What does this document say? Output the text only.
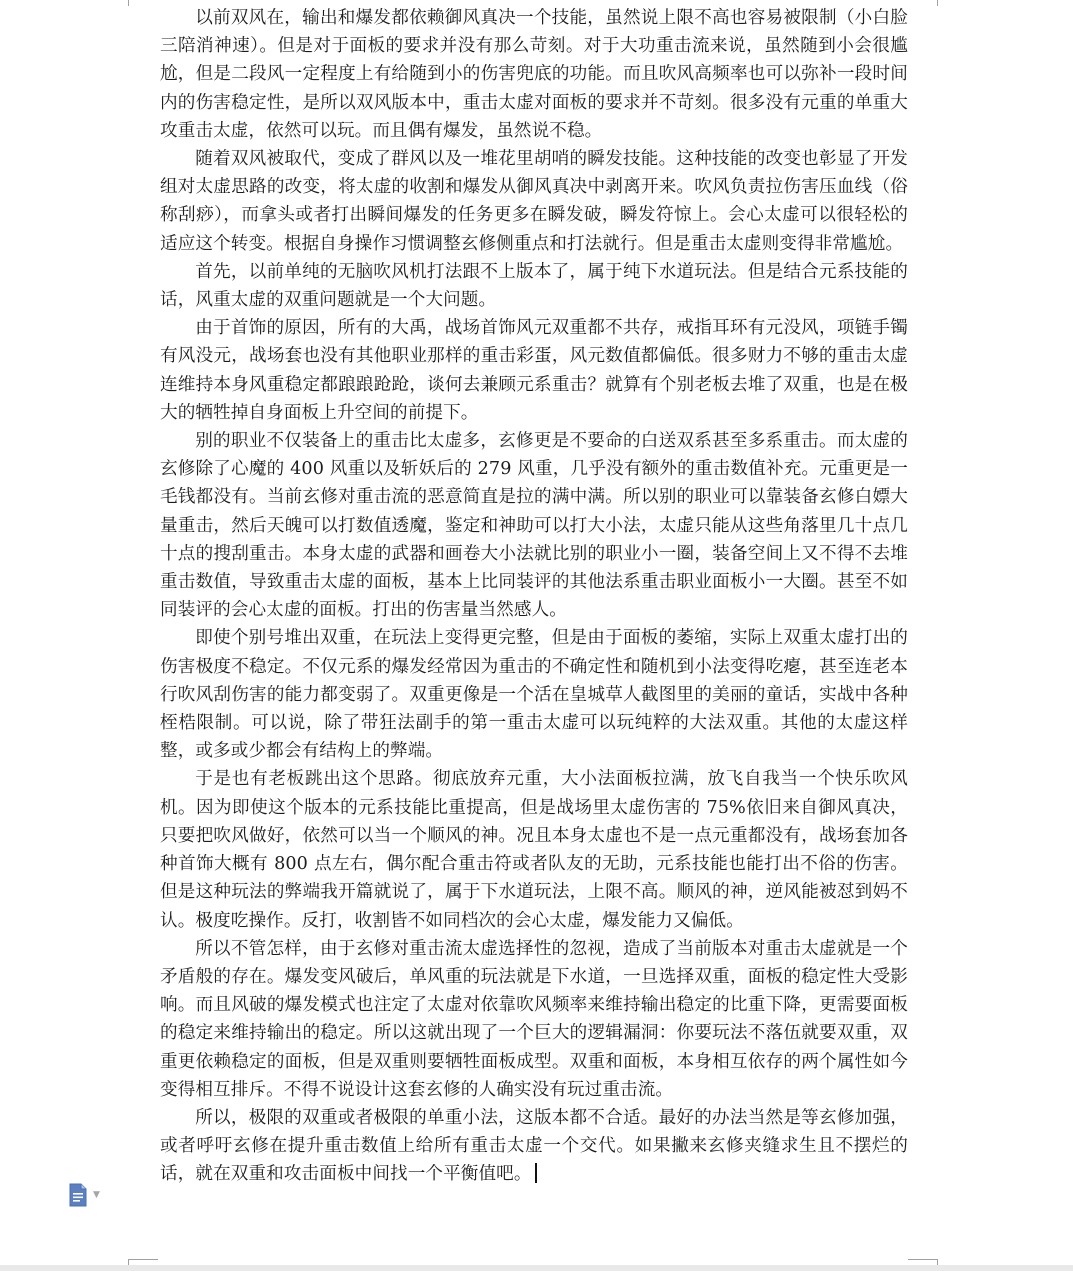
以前双风在，输出和爆发都依赖御风真决一个技能，虽然说上限不高也容易被限制（小白脸三陪消神速）。但是对于面板的要求并没有那么苛刻。对于大功重击流来说，虽然随到小会很尴尬，但是二段风一定程度上有给随到小的伤害兜底的功能。而且吹风高频率也可以弥补一段时间内的伤害稳定性，是所以双风版本中，重击太虚对面板的要求并不苛刻。很多没有元重的单重大攻重击太虚，依然可以玩。而且偶有爆发，虽然说不稳。

随着双风被取代，变成了群风以及一堆花里胡哨的瞬发技能。这种技能的改变也彰显了开发组对太虚思路的改变，将太虚的收割和爆发从御风真决中剥离开来。吹风负责拉伤害压血线（俗称刮痧），而拿头或者打出瞬间爆发的任务更多在瞬发破，瞬发符惊上。会心太虚可以很轻松的适应这个转变。根据自身操作习惯调整玄修侧重点和打法就行。但是重击太虚则变得非常尴尬。

首先，以前单纯的无脑吹风机打法跟不上版本了，属于纯下水道玩法。但是结合元系技能的话，风重太虚的双重问题就是一个大问题。

由于首饰的原因，所有的大禹，战场首饰风元双重都不共存，戒指耳环有元没风，项链手镯有风没元，战场套也没有其他职业那样的重击彩蛋，风元数值都偏低。很多财力不够的重击太虚连维持本身风重稳定都踉踉跄跄，谈何去兼顾元系重击？就算有个别老板去堆了双重，也是在极大的牺牲掉自身面板上升空间的前提下。

别的职业不仅装备上的重击比太虚多，玄修更是不要命的白送双系甚至多系重击。而太虚的玄修除了心魔的 400 风重以及斩妖后的 279 风重，几乎没有额外的重击数值补充。元重更是一毛钱都没有。当前玄修对重击流的恶意简直是拉的满中满。所以别的职业可以靠装备玄修白嫖大量重击，然后天魄可以打数值透魔，鉴定和神助可以打大小法，太虚只能从这些角落里几十点几十点的搜刮重击。本身太虚的武器和画卷大小法就比别的职业小一圈，装备空间上又不得不去堆重击数值，导致重击太虚的面板，基本上比同装评的其他法系重击职业面板小一大圈。甚至不如同装评的会心太虚的面板。打出的伤害量当然感人。

即使个别号堆出双重，在玩法上变得更完整，但是由于面板的萎缩，实际上双重太虚打出的伤害极度不稳定。不仅元系的爆发经常因为重击的不确定性和随机到小法变得吃瘪，甚至连老本行吹风刮伤害的能力都变弱了。双重更像是一个活在皇城草人截图里的美丽的童话，实战中各种桎梏限制。可以说，除了带狂法副手的第一重击太虚可以玩纯粹的大法双重。其他的太虚这样整，或多或少都会有结构上的弊端。

于是也有老板跳出这个思路。彻底放弃元重，大小法面板拉满，放飞自我当一个快乐吹风机。因为即使这个版本的元系技能比重提高，但是战场里太虚伤害的 75%依旧来自御风真决，只要把吹风做好，依然可以当一个顺风的神。况且本身太虚也不是一点元重都没有，战场套加各种首饰大概有 800 点左右，偶尔配合重击符或者队友的无助，元系技能也能打出不俗的伤害。但是这种玩法的弊端我开篇就说了，属于下水道玩法，上限不高。顺风的神，逆风能被怼到妈不认。极度吃操作。反打，收割皆不如同档次的会心太虚，爆发能力又偏低。

所以不管怎样，由于玄修对重击流太虚选择性的忽视，造成了当前版本对重击太虚就是一个矛盾般的存在。爆发变风破后，单风重的玩法就是下水道，一旦选择双重，面板的稳定性大受影响。而且风破的爆发模式也注定了太虚对依靠吹风频率来维持输出稳定的比重下降，更需要面板的稳定来维持输出的稳定。所以这就出现了一个巨大的逻辑漏洞：你要玩法不落伍就要双重，双重更依赖稳定的面板，但是双重则要牺牲面板成型。双重和面板，本身相互依存的两个属性如今变得相互排斥。不得不说设计这套玄修的人确实没有玩过重击流。

所以，极限的双重或者极限的单重小法，这版本都不合适。最好的办法当然是等玄修加强，或者呼吁玄修在提升重击数值上给所有重击太虚一个交代。如果撇来玄修夹缝求生且不摆烂的话，就在双重和攻击面板中间找一个平衡值吧。

▼
